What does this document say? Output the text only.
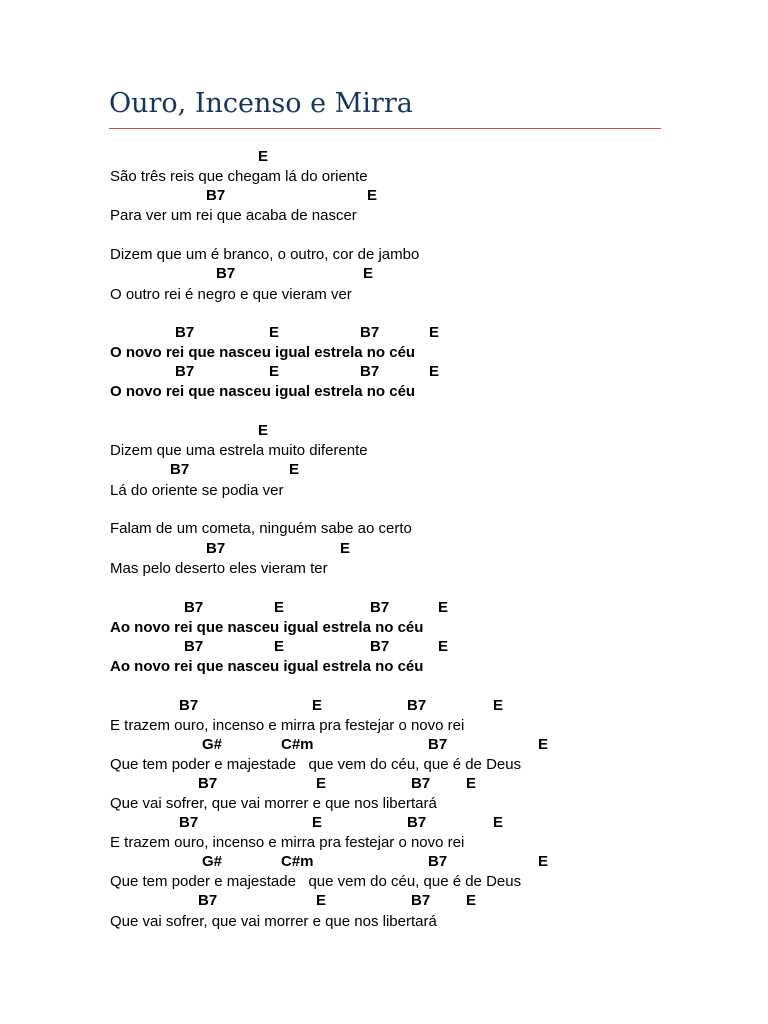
Ouro, Incenso e Mirra
E
São três reis que chegam lá do oriente
B7	E
Para ver um rei que acaba de nascer
Dizem que um é branco, o outro, cor de jambo
B7	E
O outro rei é negro e que vieram ver
B7	E	B7	E
O novo rei que nasceu igual estrela no céu
B7	E	B7	E
O novo rei que nasceu igual estrela no céu
E
Dizem que uma estrela muito diferente
B7	E
Lá do oriente se podia ver
Falam de um cometa, ninguém sabe ao certo
B7	E
Mas pelo deserto eles vieram ter
B7	E	B7	E
Ao novo rei que nasceu igual estrela no céu
B7	E	B7	E
Ao novo rei que nasceu igual estrela no céu
B7	E	B7	E
E trazem ouro, incenso e mirra pra festejar o novo rei
G#	C#m	B7	E
Que tem poder e majestade   que vem do céu, que é de Deus
B7	E	B7 E
Que vai sofrer, que vai morrer e que nos libertará
B7	E	B7	E
E trazem ouro, incenso e mirra pra festejar o novo rei
G#	C#m	B7	E
Que tem poder e majestade   que vem do céu, que é de Deus
B7	E	B7 E
Que vai sofrer, que vai morrer e que nos libertará
